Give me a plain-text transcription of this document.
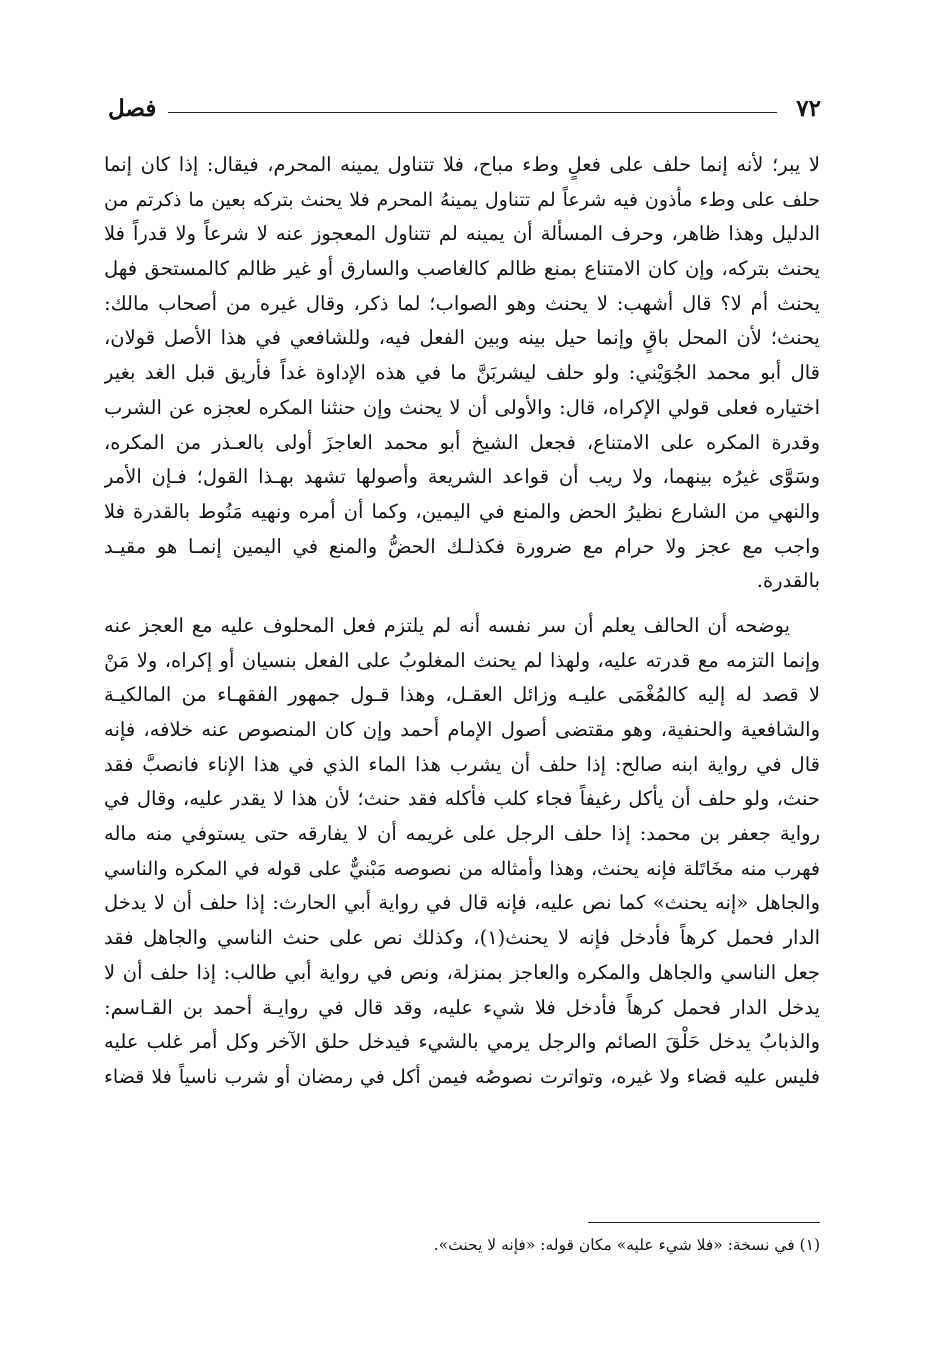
٧٢
فصل
لا يبر؛ لأنه إنما حلف على فعلٍ وطء مباح، فلا تتناول يمينه المحرم، فيقال: إذا كان إنما
حلف على وطء مأذون فيه شرعاً لم تتناول يمينهُ المحرم فلا يحنث بتركه بعين ما ذكرتم من
الدليل وهذا ظاهر، وحرف المسألة أن يمينه لم تتناول المعجوز عنه لا شرعاً ولا قدراً فلا
يحنث بتركه، وإن كان الامتناع بمنع ظالم كالغاصب والسارق أو غير ظالم كالمستحق فهل
يحنث أم لا؟ قال أشهب: لا يحنث وهو الصواب؛ لما ذكر، وقال غيره من أصحاب مالك:
يحنث؛ لأن المحل باقٍ وإنما حيل بينه وبين الفعل فيه، وللشافعي في هذا الأصل قولان،
قال أبو محمد الجُوَيْني: ولو حلف ليشربَنَّ ما في هذه الإداوة غداً فأريق قبل الغد بغير
اختياره فعلى قولي الإكراه، قال: والأولى أن لا يحنث وإن حنثنا المكره لعجزه عن الشرب
وقدرة المكره على الامتناع، فجعل الشيخ أبو محمد العاجزَ أولى بالعـذر من المكره،
وسَوَّى غيرُه بينهما، ولا ريب أن قواعد الشريعة وأصولها تشهد بهـذا القول؛ فـإن الأمر
والنهي من الشارع نظيرُ الحض والمنع في اليمين، وكما أن أمره ونهيه مَنُوط بالقدرة فلا
واجب مع عجز ولا حرام مع ضرورة فكذلـك الحضُّ والمنع في اليمين إنمـا هو مقيـد
بالقدرة.
يوضحه أن الحالف يعلم أن سر نفسه أنه لم يلتزم فعل المحلوف عليه مع العجز عنه
وإنما التزمه مع قدرته عليه، ولهذا لم يحنث المغلوبُ على الفعل بنسيان أو إكراه، ولا مَنْ
لا قصد له إليه كالمُغْمَى عليـه وزائل العقـل، وهذا قـول جمهور الفقهـاء من المالكيـة
والشافعية والحنفية، وهو مقتضى أصول الإمام أحمد وإن كان المنصوص عنه خلافه، فإنه
قال في رواية ابنه صالح: إذا حلف أن يشرب هذا الماء الذي في هذا الإناء فانصبَّ فقد
حنث، ولو حلف أن يأكل رغيفاً فجاء كلب فأكله فقد حنث؛ لأن هذا لا يقدر عليه، وقال في
رواية جعفر بن محمد: إذا حلف الرجل على غريمه أن لا يفارقه حتى يستوفي منه ماله
فهرب منه مخَاتَلة فإنه يحنث، وهذا وأمثاله من نصوصه مَبْنيٌّ على قوله في المكره والناسي
والجاهل «إنه يحنث» كما نص عليه، فإنه قال في رواية أبي الحارث: إذا حلف أن لا يدخل
الدار فحمل كرهاً فأدخل فإنه لا يحنث(١)، وكذلك نص على حنث الناسي والجاهل فقد
جعل الناسي والجاهل والمكره والعاجز بمنزلة، ونص في رواية أبي طالب: إذا حلف أن لا
يدخل الدار فحمل كرهاً فأدخل فلا شيء عليه، وقد قال في روايـة أحمد بن القـاسم:
والذبابُ يدخل حَلْقَ الصائم والرجل يرمي بالشيء فيدخل حلق الآخر وكل أمر غلب عليه
فليس عليه قضاء ولا غيره، وتواترت نصوصُه فيمن أكل في رمضان أو شرب ناسياً فلا قضاء
(١) في نسخة: «فلا شيء عليه» مكان قوله: «فإنه لا يحنث».
